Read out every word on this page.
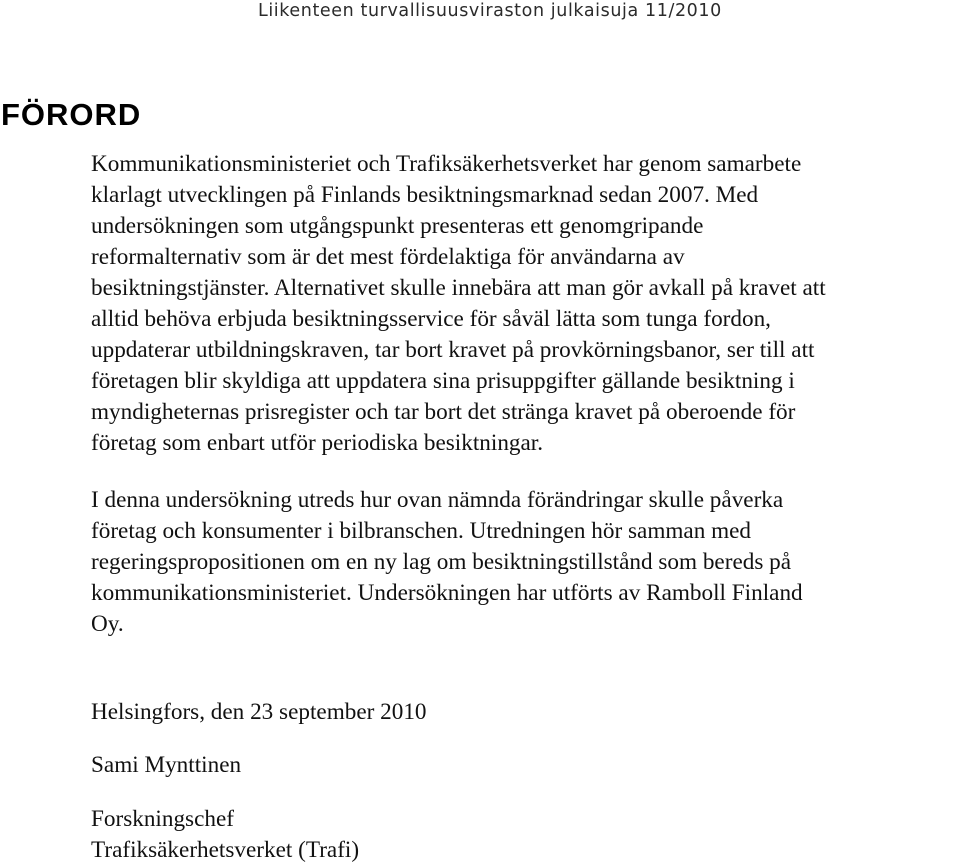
Liikenteen turvallisuusviraston julkaisuja 11/2010
FÖRORD
Kommunikationsministeriet och Trafiksäkerhetsverket har genom samarbete
klarlagt utvecklingen på Finlands besiktningsmarknad sedan 2007. Med
undersökningen som utgångspunkt presenteras ett genomgripande
reformalternativ som är det mest fördelaktiga för användarna av
besiktningstjänster. Alternativet skulle innebära att man gör avkall på kravet att
alltid behöva erbjuda besiktningsservice för såväl lätta som tunga fordon,
uppdaterar utbildningskraven, tar bort kravet på provkörningsbanor, ser till att
företagen blir skyldiga att uppdatera sina prisuppgifter gällande besiktning i
myndigheternas prisregister och tar bort det stränga kravet på oberoende för
företag som enbart utför periodiska besiktningar.
I denna undersökning utreds hur ovan nämnda förändringar skulle påverka
företag och konsumenter i bilbranschen. Utredningen hör samman med
regeringspropositionen om en ny lag om besiktningstillstånd som bereds på
kommunikationsministeriet. Undersökningen har utförts av Ramboll Finland
Oy.
Helsingfors, den 23 september 2010
Sami Mynttinen
Forskningschef
Trafiksäkerhetsverket (Trafi)
